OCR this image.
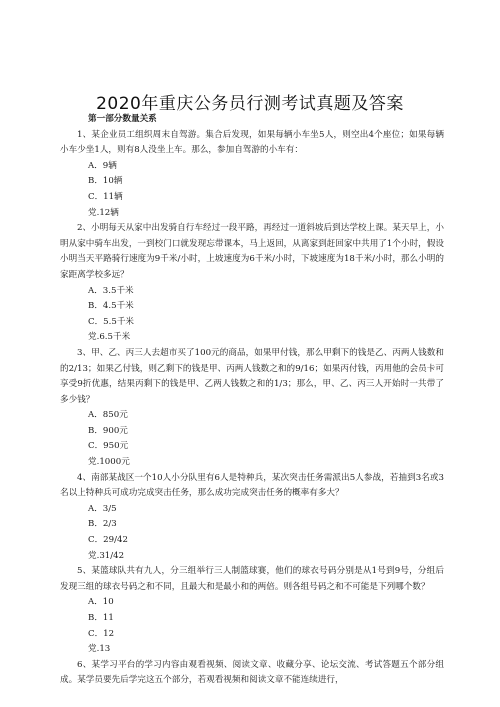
2020年重庆公务员行测考试真题及答案

第一部分数量关系

1、某企业员工组织周末自驾游。集合后发现，如果每辆小车坐5人，则空出4个座位；如果每辆小车少坐1人，则有8人没坐上车。那么，参加自驾游的小车有：

A．9辆
B．10辆
C．11辆

党.12辆

2、小明每天从家中出发骑自行车经过一段平路，再经过一道斜坡后到达学校上课。某天早上，小明从家中骑车出发，一到校门口就发现忘带课本，马上返回，从离家到赶回家中共用了1个小时，假设小明当天平路骑行速度为9千米/小时，上坡速度为6千米/小时，下坡速度为18千米/小时，那么小明的家距离学校多远？

A．3.5千米
B．4.5千米
C．5.5千米

党.6.5千米

3、甲、乙、丙三人去超市买了100元的商品，如果甲付钱，那么甲剩下的钱是乙、丙两人钱数和的2/13；如果乙付钱，则乙剩下的钱是甲、丙两人钱数之和的9/16；如果丙付钱，丙用他的会员卡可享受9折优惠，结果丙剩下的钱是甲、乙两人钱数之和的1/3；那么，甲、乙、丙三人开始时一共带了多少钱？

A．850元
B．900元
C．950元

党.1000元

4、南部某战区一个10人小分队里有6人是特种兵，某次突击任务需派出5人参战，若抽到3名或3名以上特种兵可成功完成突击任务，那么成功完成突击任务的概率有多大？

A．3/5
B．2/3
C．29/42

党.31/42

5、某篮球队共有九人，分三组举行三人制篮球赛，他们的球衣号码分别是从1号到9号，分组后发现三组的球衣号码之和不同，且最大和是最小和的两倍。则各组号码之和不可能是下列哪个数？

A．10
B．11
C．12

党.13

6、某学习平台的学习内容由观看视频、阅读文章、收藏分享、论坛交流、考试答题五个部分组成。某学员要先后学完这五个部分，若观看视频和阅读文章不能连续进行，
